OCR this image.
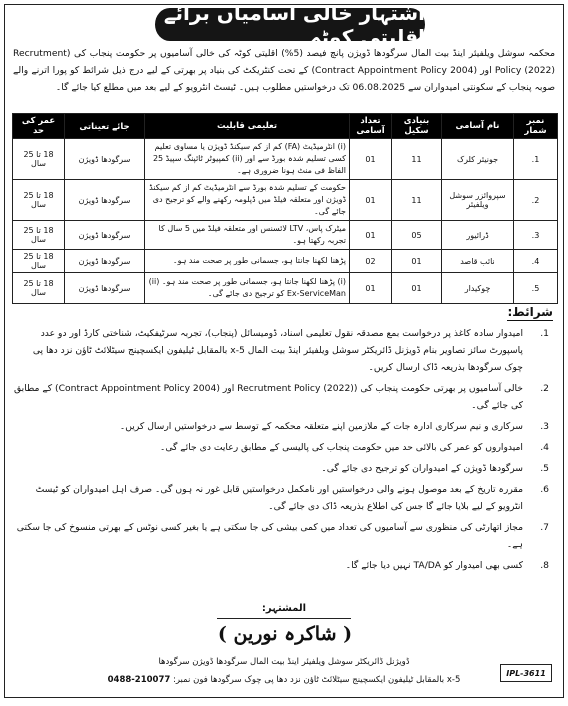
اشتہار خالی آسامیاں برائے اقلیتی کوٹہ
محکمہ سوشل ویلفیئر اینڈ بیت المال سرگودھا ڈویژن پانچ فیصد (5%) اقلیتی کوٹہ کی خالی آسامیوں پر حکومت پنجاب کی (Recrutment Policy (2022) اور (Contract Appointment Policy 2004) کے تحت کنٹریکٹ کی بنیاد پر بھرتی کے لیے درج ذیل شرائط کو پورا اترنے والے صوبہ پنجاب کے سکونتی امیدواران سے 06.08.2025 تک درخواستیں مطلوب ہیں۔ ٹیسٹ انٹرویو کے لیے بعد میں مطلع کیا جائے گا۔
نمبر شمار	نام آسامی	بنیادی سکیل	تعداد آسامی	تعلیمی قابلیت	جائے تعیناتی	عمر کی حد
1.	جونیئر کلرک	11	01	(i) انٹرمیڈیٹ (FA) کم از کم سیکنڈ ڈویژن یا مساوی تعلیم کسی تسلیم شدہ بورڈ سے اور (ii) کمپیوٹر ٹائپنگ سپیڈ 25 الفاظ فی منٹ ہونا ضروری ہے۔	سرگودھا ڈویژن	18 تا 25 سال
2.	سپروائزر سوشل ویلفیئر	11	01	حکومت کے تسلیم شدہ بورڈ سے انٹرمیڈیٹ کم از کم سیکنڈ ڈویژن اور متعلقہ فیلڈ میں ڈپلومہ رکھنے والے کو ترجیح دی جائے گی۔	سرگودھا ڈویژن	18 تا 25 سال
3.	ڈرائیور	05	01	میٹرک پاس، LTV لائسنس اور متعلقہ فیلڈ میں 5 سال کا تجربہ رکھتا ہو۔	سرگودھا ڈویژن	18 تا 25 سال
4.	نائب قاصد	01	02	پڑھنا لکھنا جانتا ہو، جسمانی طور پر صحت مند ہو۔	سرگودھا ڈویژن	18 تا 25 سال
5.	چوکیدار	01	01	(i) پڑھنا لکھنا جانتا ہو، جسمانی طور پر صحت مند ہو۔ (ii) Ex-ServiceMan کو ترجیح دی جائے گی۔	سرگودھا ڈویژن	18 تا 25 سال
شرائط:
1.
امیدوار سادہ کاغذ پر درخواست بمع مصدقہ نقول تعلیمی اسناد، ڈومیسائل (پنجاب)، تجربہ سرٹیفکیٹ، شناختی کارڈ اور دو عدد پاسپورٹ سائز تصاویر بنام ڈویژنل ڈائریکٹر سوشل ویلفیئر اینڈ بیت المال x-5 بالمقابل ٹیلیفون ایکسچینج سیٹلائٹ ٹاؤن نزد دھا پی چوک سرگودھا بذریعہ ڈاک ارسال کریں۔
2.
خالی آسامیوں پر بھرتی حکومت پنجاب کی (Recrutment Policy (2022) اور (Contract Appointment Policy 2004) کے مطابق کی جائے گی۔
3.
سرکاری و نیم سرکاری ادارہ جات کے ملازمین اپنے متعلقہ محکمہ کے توسط سے درخواستیں ارسال کریں۔
4.
امیدواروں کو عمر کی بالائی حد میں حکومت پنجاب کی پالیسی کے مطابق رعایت دی جائے گی۔
5.
سرگودھا ڈویژن کے امیدواران کو ترجیح دی جائے گی۔
6.
مقررہ تاریخ کے بعد موصول ہونے والی درخواستیں اور نامکمل درخواستیں قابل غور نہ ہوں گی۔ صرف اہل امیدواران کو ٹیسٹ انٹرویو کے لیے بلایا جائے گا جس کی اطلاع بذریعہ ڈاک دی جائے گی۔
7.
مجاز اتھارٹی کی منظوری سے آسامیوں کی تعداد میں کمی بیشی کی جا سکتی ہے یا بغیر کسی نوٹس کے بھرتی منسوخ کی جا سکتی ہے۔
8.
کسی بھی امیدوار کو TA/DA نہیں دیا جائے گا۔
المشتہر:
( شاکرہ نورین )
ڈویژنل ڈائریکٹر سوشل ویلفیئر اینڈ بیت المال سرگودھا ڈویژن سرگودھا
x-5 بالمقابل ٹیلیفون ایکسچینج سیٹلائٹ ٹاؤن نزد دھا پی چوک سرگودھا فون نمبر: 0488-210077
IPL-3611
